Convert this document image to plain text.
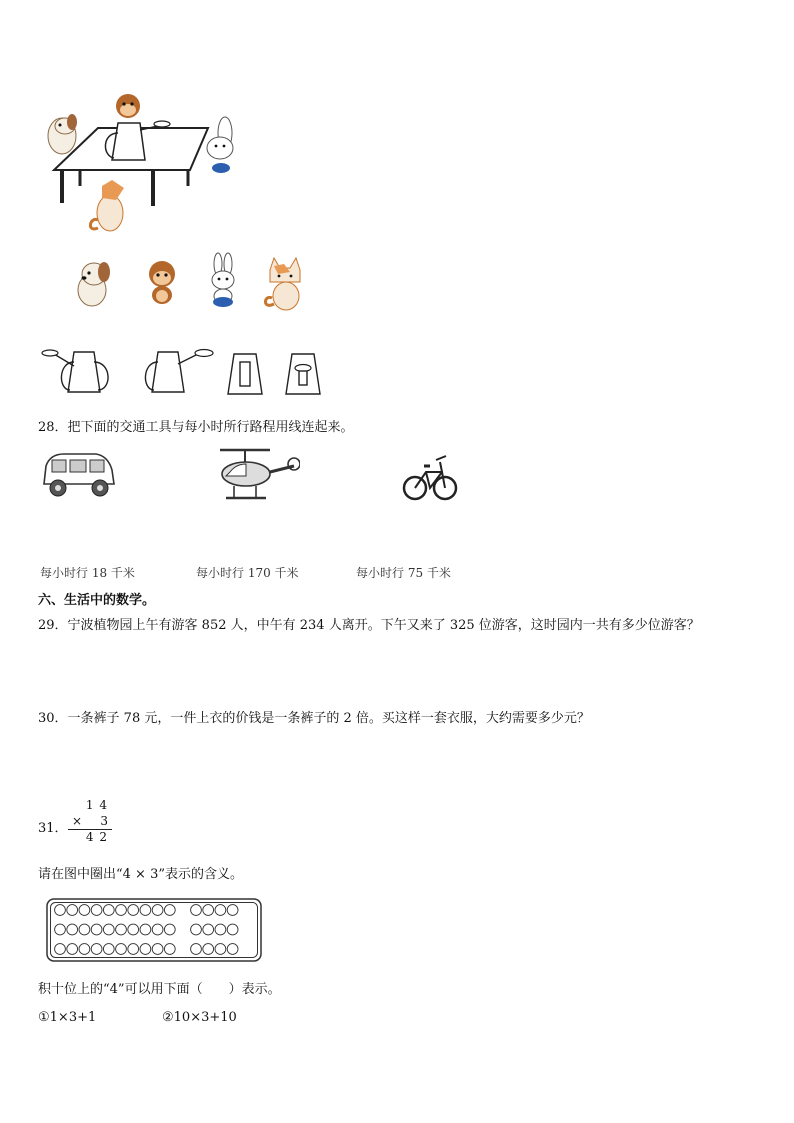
28．把下面的交通工具与每小时所行路程用线连起来。
每小时行 18 千米	每小时行 170 千米	每小时行 75 千米
六、生活中的数学。
29．宁波植物园上午有游客 852 人，中午有 234 人离开。下午又来了 325 位游客，这时园内一共有多少位游客？
30．一条裤子 78 元，一件上衣的价钱是一条裤子的 2 倍。买这样一套衣服，大约需要多少元？
31．
1 4
× 3
4 2
请在图中圈出“4 × 3”表示的含义。
积十位上的“4”可以用下面（　　）表示。
①1×3+1	②10×3+10
